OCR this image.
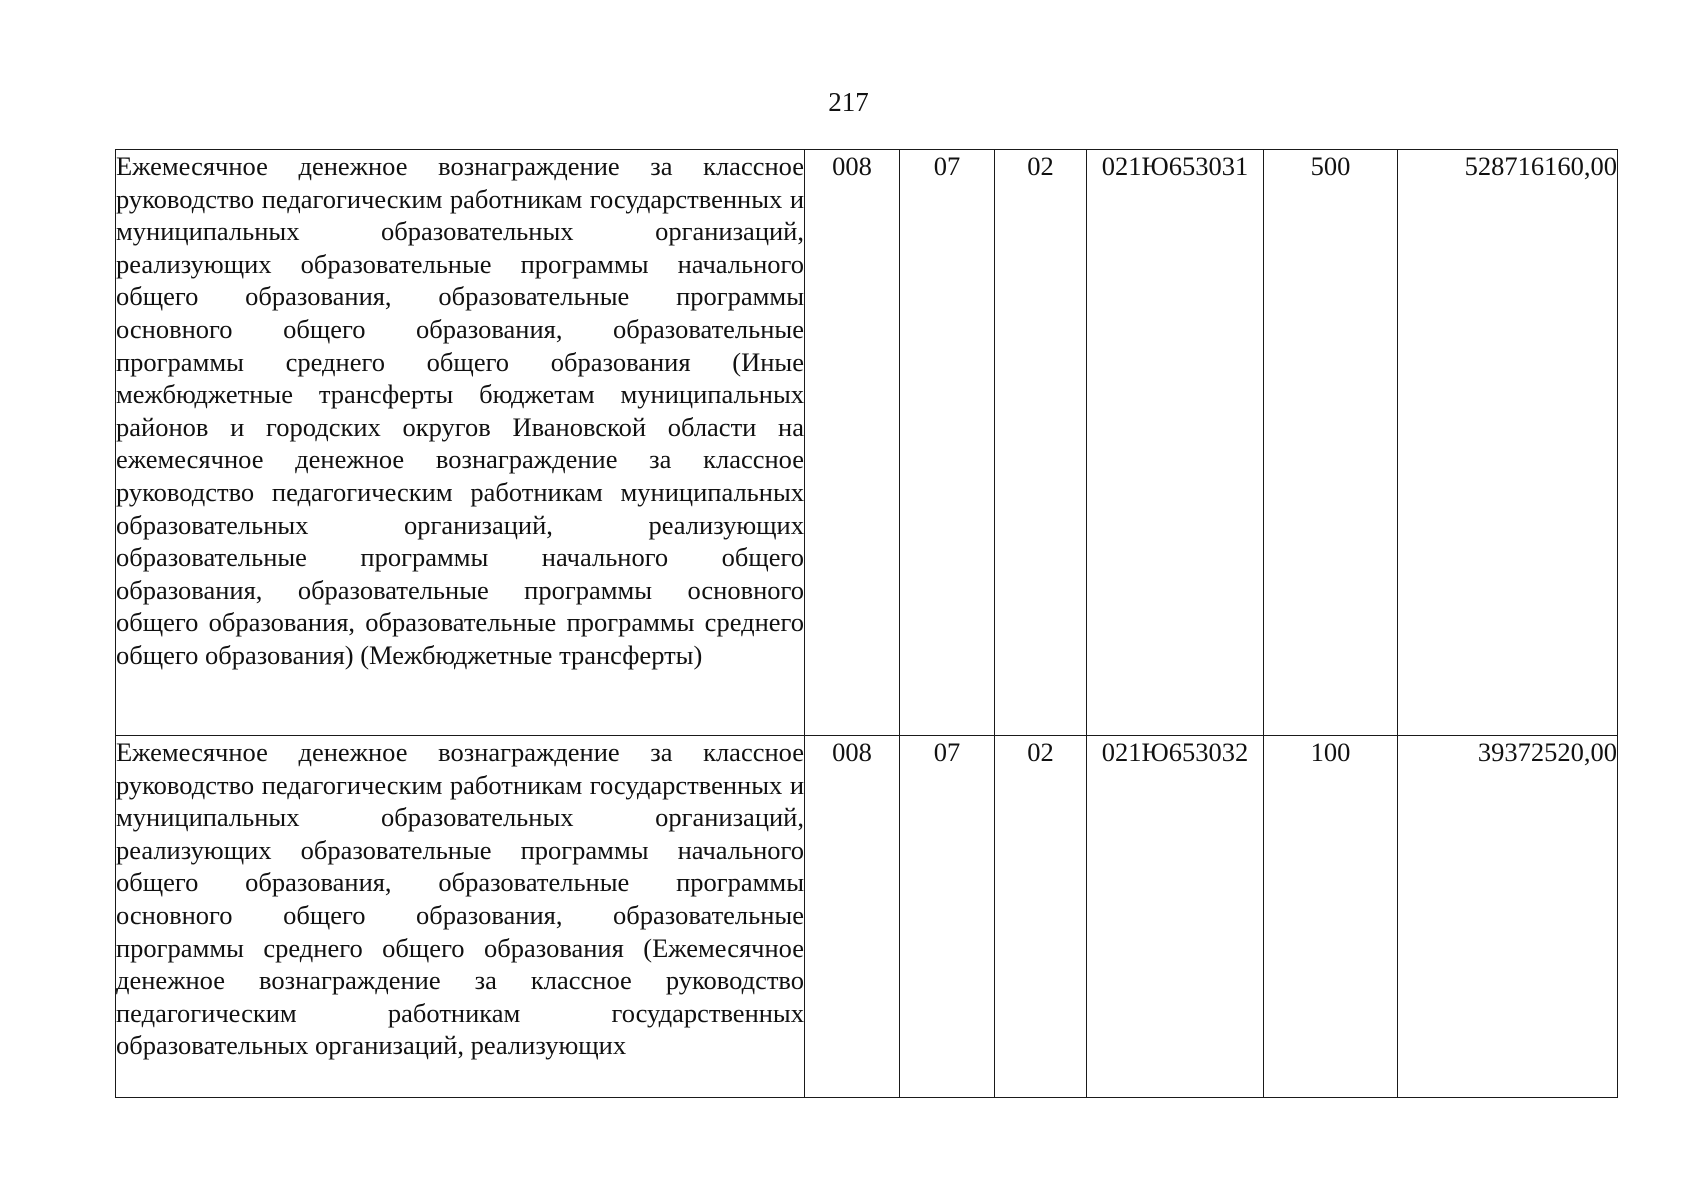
217
Ежемесячное денежное вознаграждение за классное руководство педагогическим работникам государственных и муниципальных образовательных организаций, реализующих образовательные программы начального общего образования, образовательные программы основного общего образования, образовательные программы среднего общего образования (Иные межбюджетные трансферты бюджетам муниципальных районов и городских округов Ивановской области на ежемесячное денежное вознаграждение за классное руководство педагогическим работникам муниципальных образовательных организаций, реализующих образовательные программы начального общего образования, образовательные программы основного общего образования, образовательные программы среднего общего образования) (Межбюджетные трансферты)	008	07	02	021Ю653031	500	528716160,00
Ежемесячное денежное вознаграждение за классное руководство педагогическим работникам государственных и муниципальных образовательных организаций, реализующих образовательные программы начального общего образования, образовательные программы основного общего образования, образовательные программы среднего общего образования (Ежемесячное денежное вознаграждение за классное руководство педагогическим работникам государственных образовательных организаций, реализующих	008	07	02	021Ю653032	100	39372520,00
